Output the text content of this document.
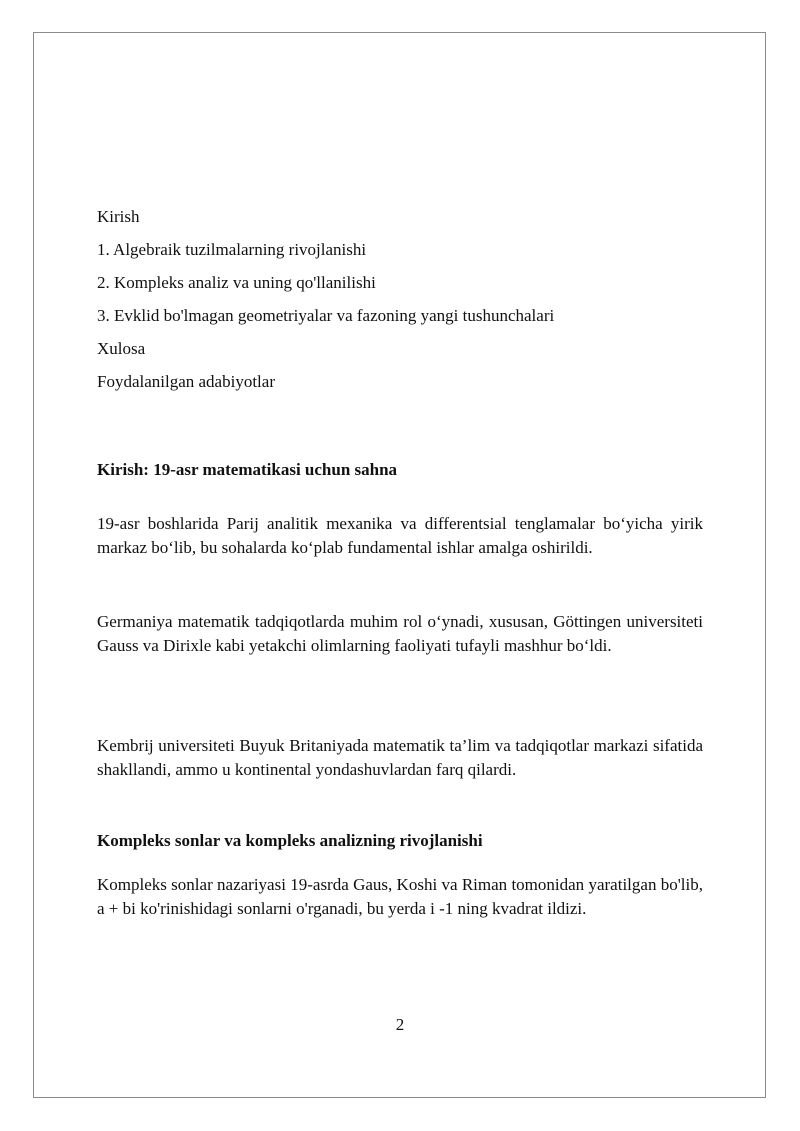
Kirish
1. Algebraik tuzilmalarning rivojlanishi
2. Kompleks analiz va uning qo'llanilishi
3. Evklid bo'lmagan geometriyalar va fazoning yangi tushunchalari
Xulosa
Foydalanilgan adabiyotlar
Kirish: 19-asr matematikasi uchun sahna
19-asr boshlarida Parij analitik mexanika va differentsial tenglamalar bo‘yicha yirik markaz bo‘lib, bu sohalarda ko‘plab fundamental ishlar amalga oshirildi.
Germaniya matematik tadqiqotlarda muhim rol o‘ynadi, xususan, Göttingen universiteti Gauss va Dirixle kabi yetakchi olimlarning faoliyati tufayli mashhur bo‘ldi.
Kembrij universiteti Buyuk Britaniyada matematik ta’lim va tadqiqotlar markazi sifatida shakllandi, ammo u kontinental yondashuvlardan farq qilardi.
Kompleks sonlar va kompleks analizning rivojlanishi
Kompleks sonlar nazariyasi 19-asrda Gaus, Koshi va Riman tomonidan yaratilgan bo'lib, a + bi ko'rinishidagi sonlarni o'rganadi, bu yerda i -1 ning kvadrat ildizi.
2
